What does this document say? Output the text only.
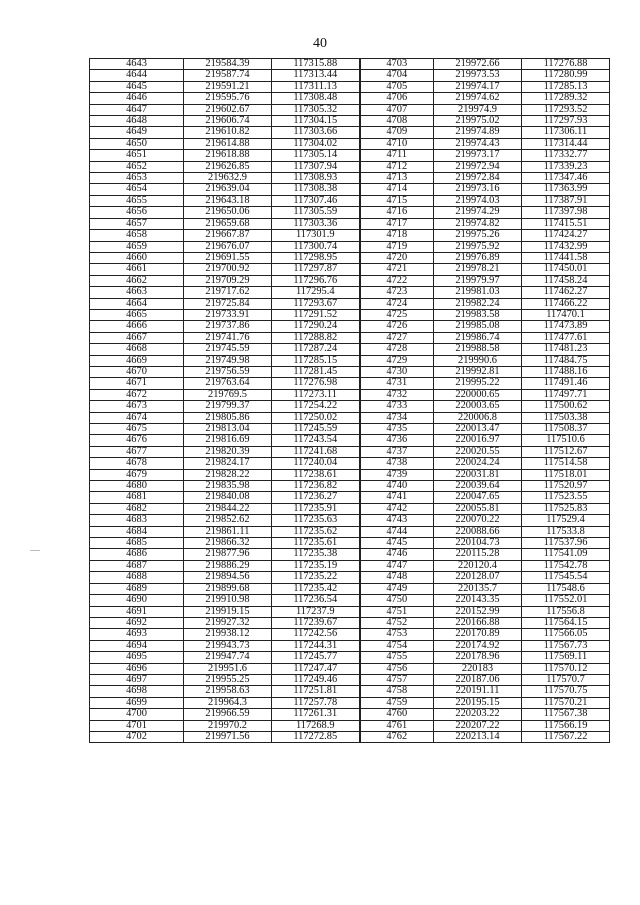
40
4643	219584.39	117315.88	4703	219972.66	117276.88
4644	219587.74	117313.44	4704	219973.53	117280.99
4645	219591.21	117311.13	4705	219974.17	117285.13
4646	219595.76	117308.48	4706	219974.62	117289.32
4647	219602.67	117305.32	4707	219974.9	117293.52
4648	219606.74	117304.15	4708	219975.02	117297.93
4649	219610.82	117303.66	4709	219974.89	117306.11
4650	219614.88	117304.02	4710	219974.43	117314.44
4651	219618.88	117305.14	4711	219973.17	117332.77
4652	219626.85	117307.94	4712	219972.94	117339.23
4653	219632.9	117308.93	4713	219972.84	117347.46
4654	219639.04	117308.38	4714	219973.16	117363.99
4655	219643.18	117307.46	4715	219974.03	117387.91
4656	219650.06	117305.59	4716	219974.29	117397.98
4657	219659.68	117303.36	4717	219974.82	117415.51
4658	219667.87	117301.9	4718	219975.26	117424.27
4659	219676.07	117300.74	4719	219975.92	117432.99
4660	219691.55	117298.95	4720	219976.89	117441.58
4661	219700.92	117297.87	4721	219978.21	117450.01
4662	219709.29	117296.76	4722	219979.97	117458.24
4663	219717.62	117295.4	4723	219981.03	117462.27
4664	219725.84	117293.67	4724	219982.24	117466.22
4665	219733.91	117291.52	4725	219983.58	117470.1
4666	219737.86	117290.24	4726	219985.08	117473.89
4667	219741.76	117288.82	4727	219986.74	117477.61
4668	219745.59	117287.24	4728	219988.58	117481.23
4669	219749.98	117285.15	4729	219990.6	117484.75
4670	219756.59	117281.45	4730	219992.81	117488.16
4671	219763.64	117276.98	4731	219995.22	117491.46
4672	219769.5	117273.11	4732	220000.65	117497.71
4673	219799.37	117254.22	4733	220003.65	117500.62
4674	219805.86	117250.02	4734	220006.8	117503.38
4675	219813.04	117245.59	4735	220013.47	117508.37
4676	219816.69	117243.54	4736	220016.97	117510.6
4677	219820.39	117241.68	4737	220020.55	117512.67
4678	219824.17	117240.04	4738	220024.24	117514.58
4679	219828.22	117238.61	4739	220031.81	117518.01
4680	219835.98	117236.82	4740	220039.64	117520.97
4681	219840.08	117236.27	4741	220047.65	117523.55
4682	219844.22	117235.91	4742	220055.81	117525.83
4683	219852.62	117235.63	4743	220070.22	117529.4
4684	219861.11	117235.62	4744	220088.66	117533.8
4685	219866.32	117235.61	4745	220104.73	117537.96
4686	219877.96	117235.38	4746	220115.28	117541.09
4687	219886.29	117235.19	4747	220120.4	117542.78
4688	219894.56	117235.22	4748	220128.07	117545.54
4689	219899.68	117235.42	4749	220135.7	117548.6
4690	219910.98	117236.54	4750	220143.35	117552.01
4691	219919.15	117237.9	4751	220152.99	117556.8
4692	219927.32	117239.67	4752	220166.88	117564.15
4693	219938.12	117242.56	4753	220170.89	117566.05
4694	219943.73	117244.31	4754	220174.92	117567.73
4695	219947.74	117245.77	4755	220178.96	117569.11
4696	219951.6	117247.47	4756	220183	117570.12
4697	219955.25	117249.46	4757	220187.06	117570.7
4698	219958.63	117251.81	4758	220191.11	117570.75
4699	219964.3	117257.78	4759	220195.15	117570.21
4700	219966.59	117261.31	4760	220203.22	117567.38
4701	219970.2	117268.9	4761	220207.22	117566.19
4702	219971.56	117272.85	4762	220213.14	117567.22
